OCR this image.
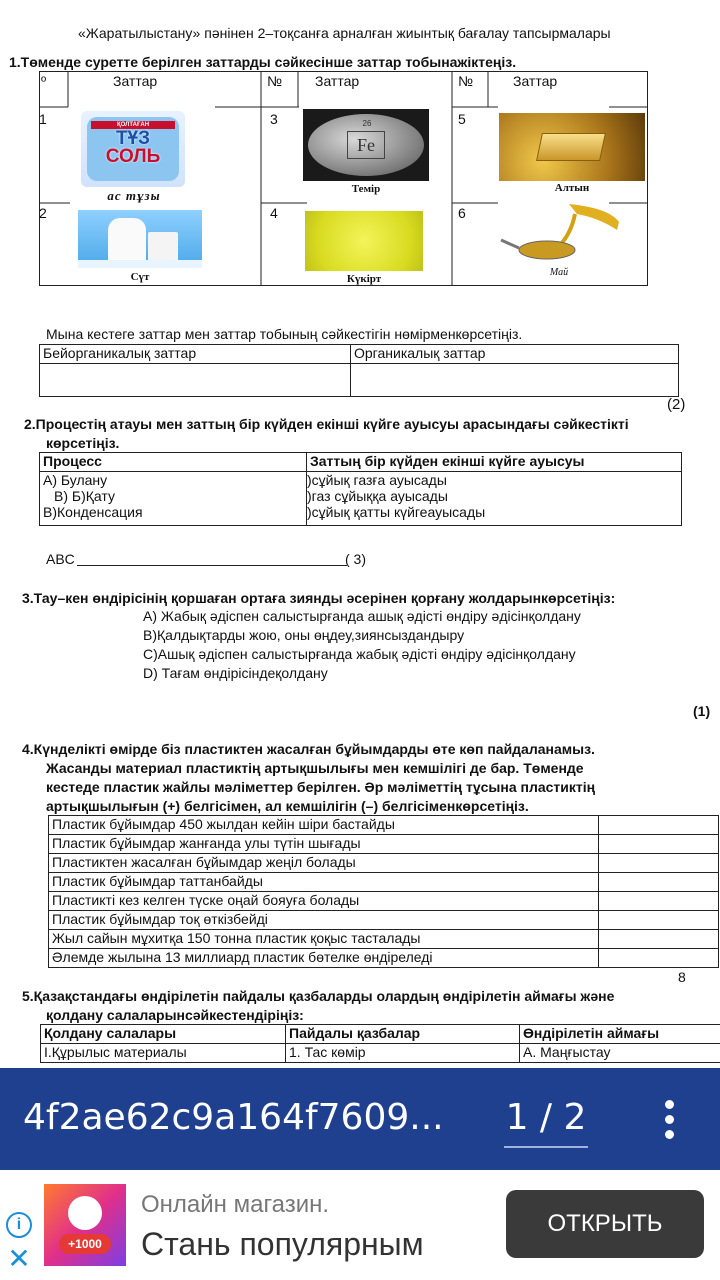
«Жаратылыстану» пәнінен 2–тоқсанға арналған жиынтық бағалау тапсырмалары
1.Төменде суретте берілген заттарды сәйкесінше заттар тобынажіктеңіз.
º	Заттар	№ Заттар	№	Заттар
1	3	5
2	4	6
ҚОЛТАҒАН
ТҰЗ
СОЛЬ
ас тұзы
Fe
26
Темір	Алтын
Сүт	Күкірт
Май
Мына кестеге заттар мен заттар тобының сәйкестігін нөмірменкөрсетіңіз.
Бейорганикалық заттар	Органикалық заттар

(2)
2.Процестің атауы мен заттың бір күйден екінші күйге ауысуы арасындағы сәйкестікті
көрсетіңіз.
Процесс	Заттың бір күйден екінші күйге ауысуы
А) Булану	)сұйық газға ауысады
В) Б)Қату	)газ сұйыққа ауысады
В)Конденсация	)сұйық қатты күйгеауысады
ABC	( 3)
3.Тау–кен өндірісінің қоршаған ортаға зиянды әсерінен қорғану жолдарынкөрсетіңіз:
А) Жабық әдіспен салыстырғанда ашық әдісті өндіру әдісінқолдану
В)Қалдықтарды жою, оны өңдеу,зиянсыздандыру
С)Ашық әдіспен салыстырғанда жабық әдісті өндіру әдісінқолдану
D) Тағам өндірісіндеқолдану
(1)
4.Күнделікті өмірде біз пластиктен жасалған бұйымдарды өте көп пайдаланамыз.
Жасанды материал пластиктің артықшылығы мен кемшілігі де бар. Төменде
кестеде пластик жайлы мәліметтер берілген. Әр мәліметтің тұсына пластиктің
артықшылығын (+) белгісімен, ал кемшілігін (–) белгісіменкөрсетіңіз.
Пластик бұйымдар 450 жылдан кейін шіри бастайды	
Пластик бұйымдар жанғанда улы түтін шығады	
Пластиктен жасалған бұйымдар жеңіл болады	
Пластик бұйымдар таттанбайды	
Пластикті кез келген түске оңай бояуға болады	
Пластик бұйымдар тоқ өткізбейді	
Жыл сайын мұхитқа 150 тонна пластик қоқыс тасталады	
Әлемде жылына 13 миллиард пластик бөтелке өндіреледі	
8
5.Қазақстандағы өндірілетін пайдалы қазбаларды олардың өндірілетін аймағы және
қолдану салаларынсәйкестендіріңіз:
Қолдану салалары	Пайдалы қазбалар	Өндірілетін аймағы
I.Құрылыс материалы	1. Тас көмір	А. Маңғыстау
4f2ae62c9a164f7609... 1 / 2
i
✕	+1000
Онлайн магазин.
Стань популярным
ОТКРЫТЬ
